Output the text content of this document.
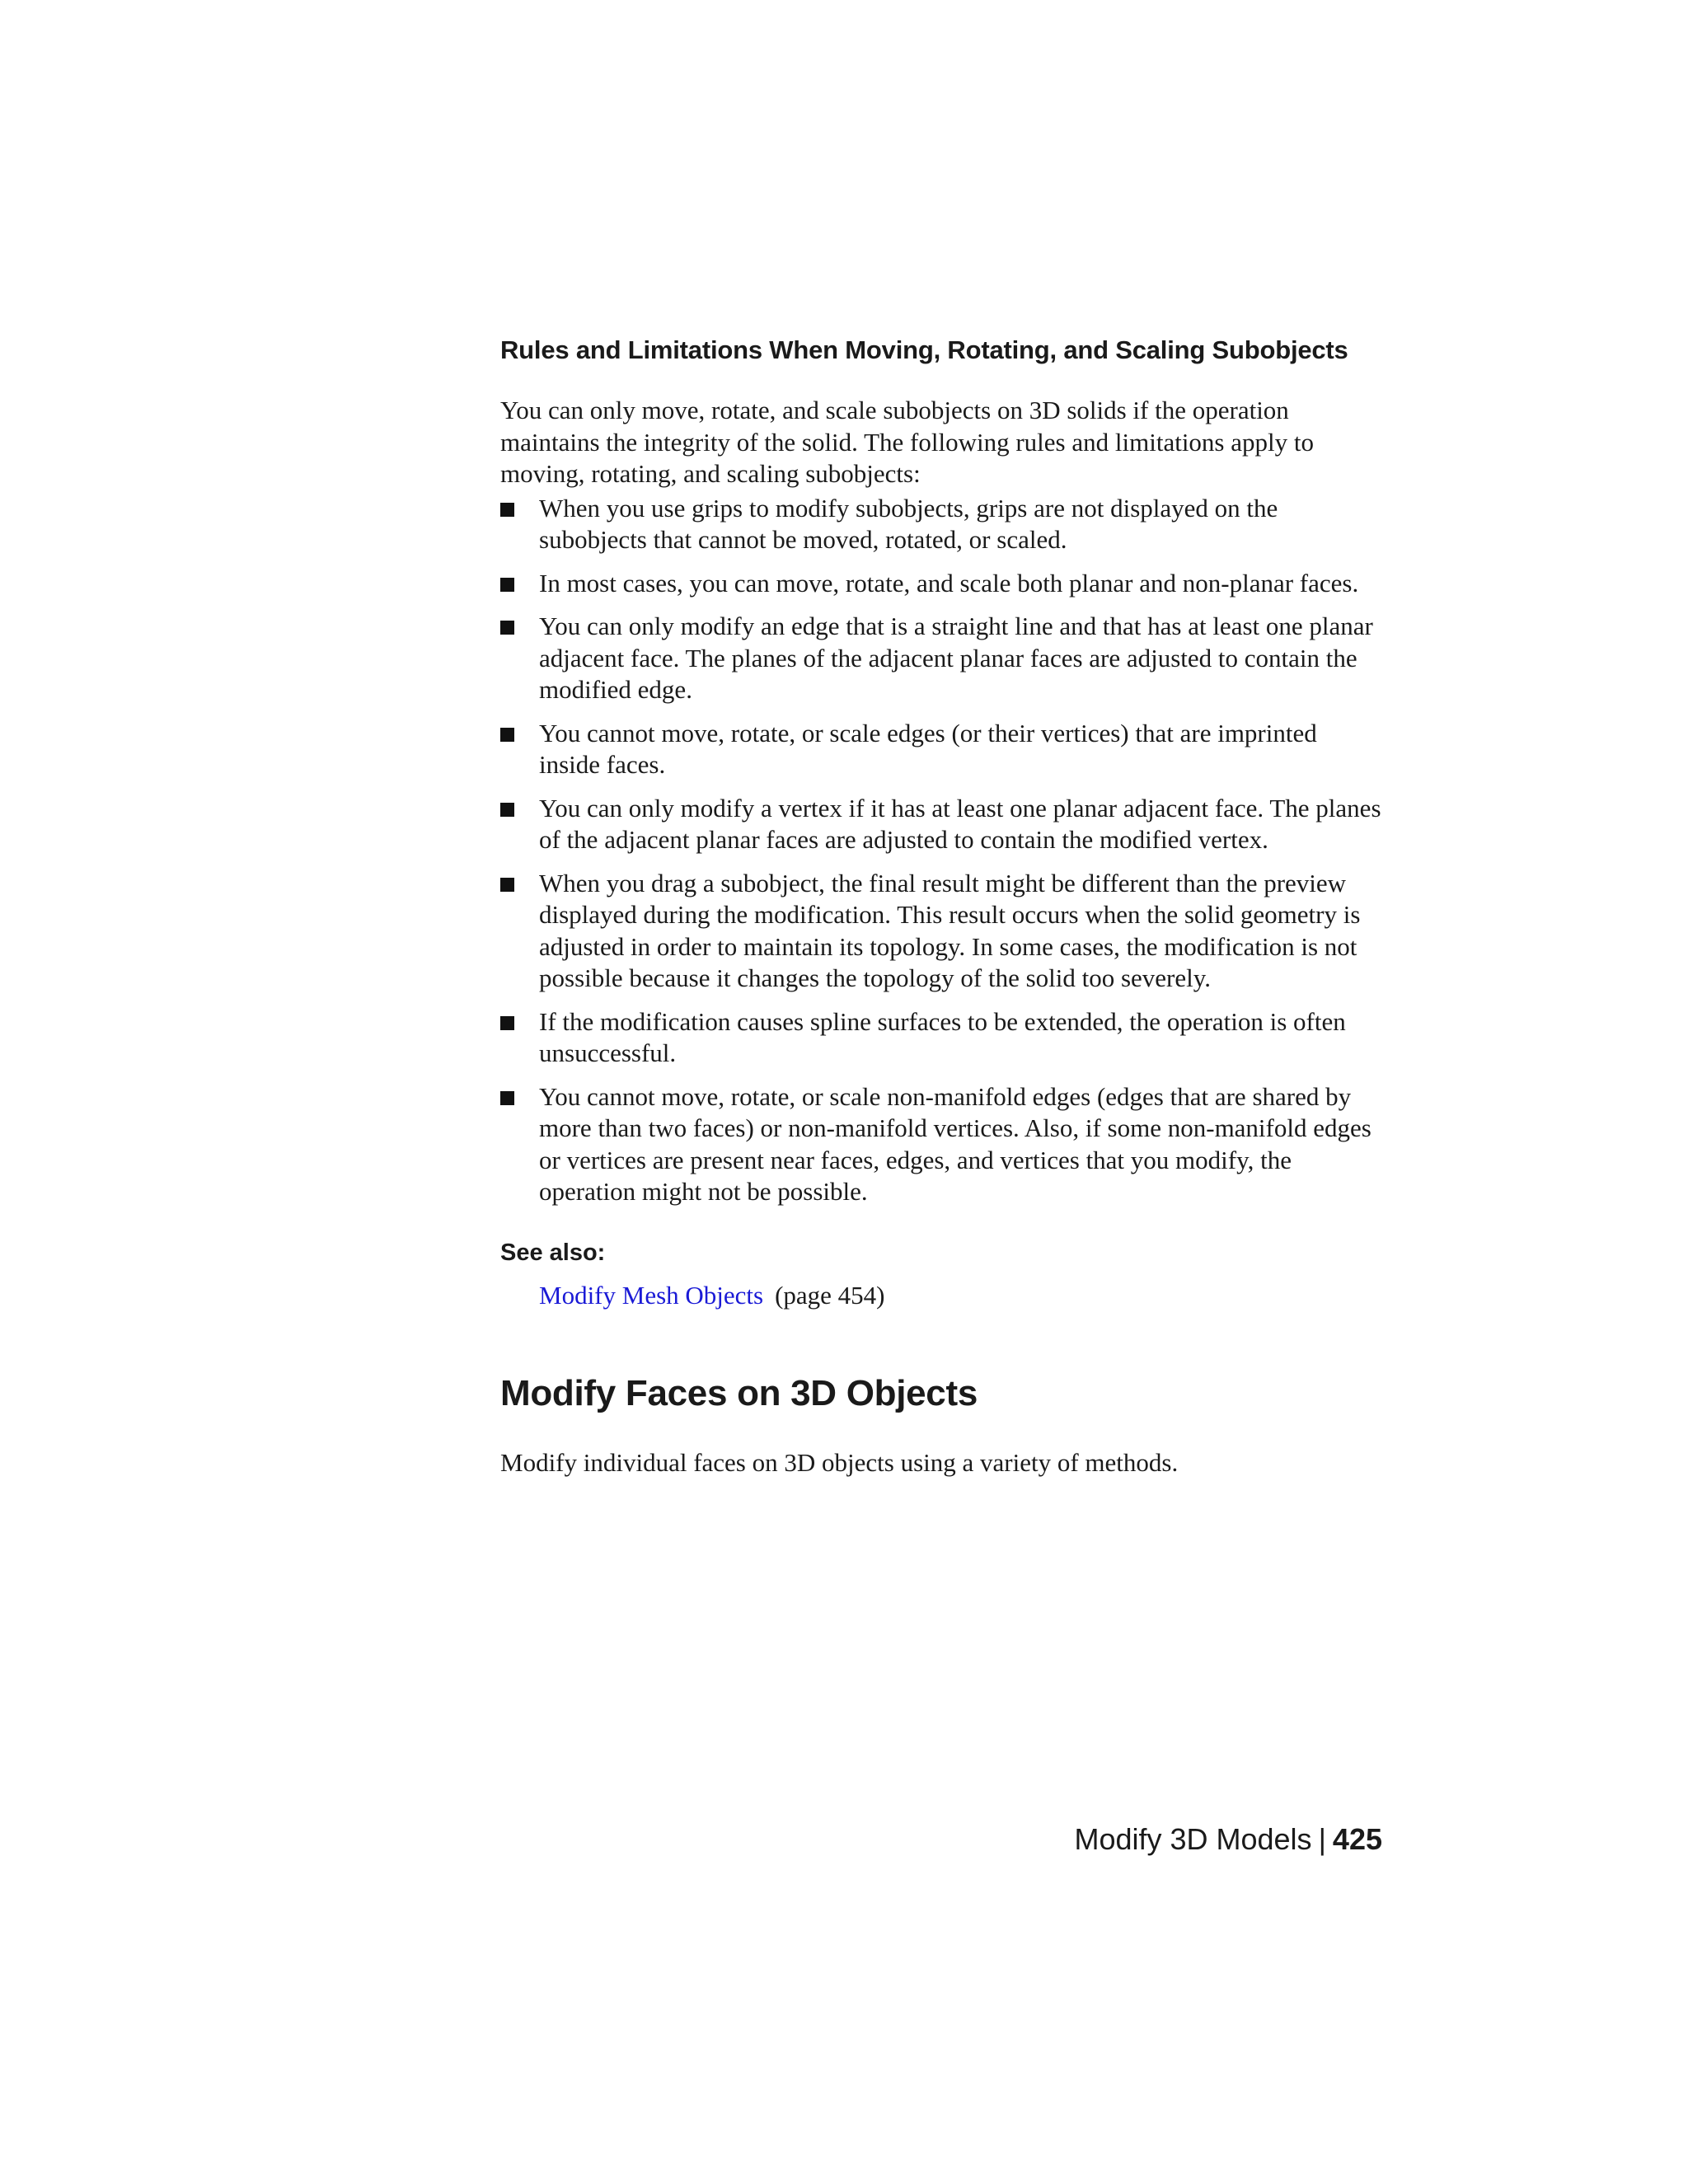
Rules and Limitations When Moving, Rotating, and Scaling Subobjects

You can only move, rotate, and scale subobjects on 3D solids if the operation maintains the integrity of the solid. The following rules and limitations apply to moving, rotating, and scaling subobjects:

When you use grips to modify subobjects, grips are not displayed on the subobjects that cannot be moved, rotated, or scaled.
In most cases, you can move, rotate, and scale both planar and non-planar faces.
You can only modify an edge that is a straight line and that has at least one planar adjacent face. The planes of the adjacent planar faces are adjusted to contain the modified edge.
You cannot move, rotate, or scale edges (or their vertices) that are imprinted inside faces.
You can only modify a vertex if it has at least one planar adjacent face. The planes of the adjacent planar faces are adjusted to contain the modified vertex.
When you drag a subobject, the final result might be different than the preview displayed during the modification. This result occurs when the solid geometry is adjusted in order to maintain its topology. In some cases, the modification is not possible because it changes the topology of the solid too severely.
If the modification causes spline surfaces to be extended, the operation is often unsuccessful.
You cannot move, rotate, or scale non-manifold edges (edges that are shared by more than two faces) or non-manifold vertices. Also, if some non-manifold edges or vertices are present near faces, edges, and vertices that you modify, the operation might not be possible.
See also:

Modify Mesh Objects (page 454)

Modify Faces on 3D Objects

Modify individual faces on 3D objects using a variety of methods.

Modify 3D Models | 425
